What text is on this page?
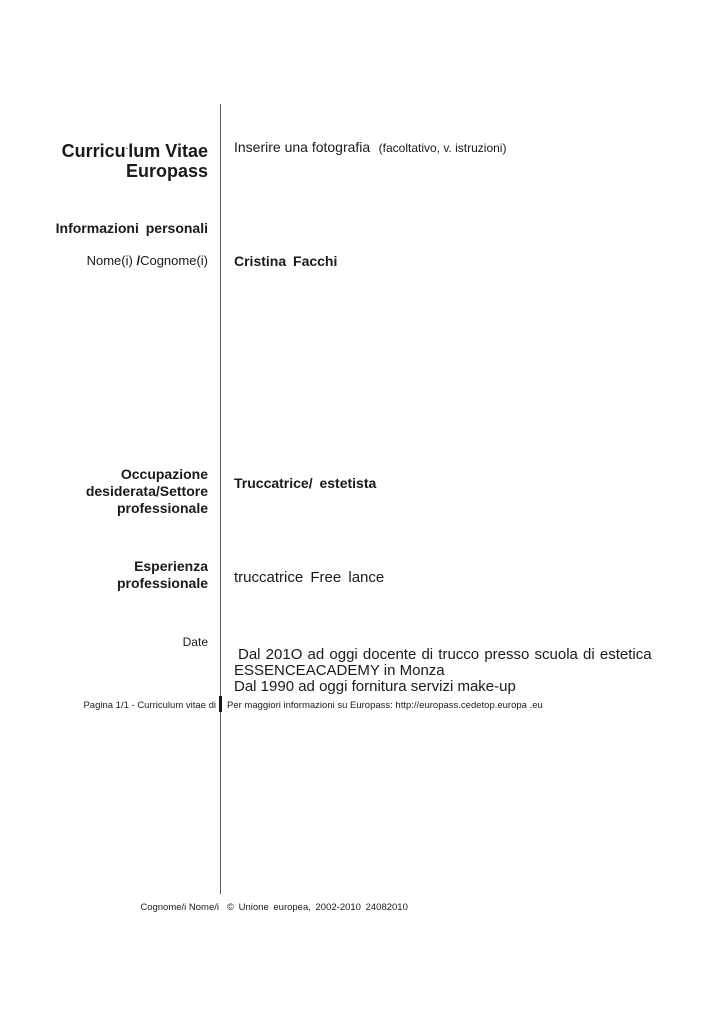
Curricu·lum Vitae
Europass
Inserire una fotografia (facoltativo, v. istruzioni)
Informazioni personali
Nome(i) /Cognome(i) Cristina Facchi
Occupazione
desiderata/Settore
professionale
Truccatrice/ estetista
Esperienza
professionale truccatrice Free lance
Date
Dal 201O ad oggi docente di trucco presso scuola di estetica
ESSENCEACADEMY in Monza
Dal 1990 ad oggi fornitura servizi make-up
Pagina 1/1 - Curriculum vitae di Per maggiori informazioni su Europass: http://europass.cedetop.europa .eu
Cognome/i Nome/i © Unione europea, 2002-2010 24082010
